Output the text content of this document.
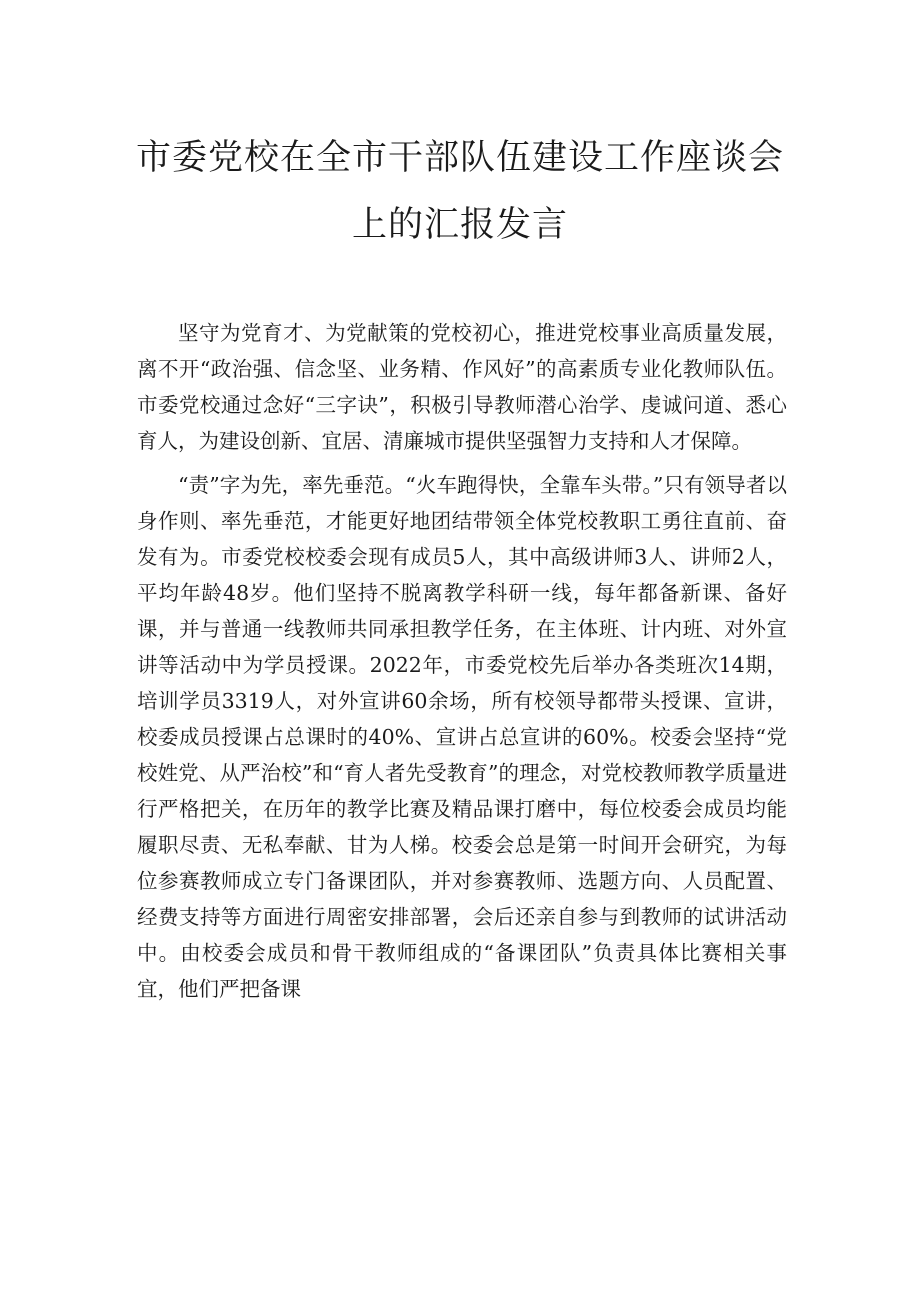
市委党校在全市干部队伍建设工作座谈会
上的汇报发言

坚守为党育才、为党献策的党校初心，推进党校事业高质量发展，离不开“政治强、信念坚、业务精、作风好”的高素质专业化教师队伍。市委党校通过念好“三字诀”，积极引导教师潜心治学、虔诚问道、悉心育人，为建设创新、宜居、清廉城市提供坚强智力支持和人才保障。

“责”字为先，率先垂范。“火车跑得快，全靠车头带。”只有领导者以身作则、率先垂范，才能更好地团结带领全体党校教职工勇往直前、奋发有为。市委党校校委会现有成员5人，其中高级讲师3人、讲师2人，平均年龄48岁。他们坚持不脱离教学科研一线，每年都备新课、备好课，并与普通一线教师共同承担教学任务，在主体班、计内班、对外宣讲等活动中为学员授课。2022年，市委党校先后举办各类班次14期，培训学员3319人，对外宣讲60余场，所有校领导都带头授课、宣讲，校委成员授课占总课时的40%、宣讲占总宣讲的60%。校委会坚持“党校姓党、从严治校”和“育人者先受教育”的理念，对党校教师教学质量进行严格把关，在历年的教学比赛及精品课打磨中，每位校委会成员均能履职尽责、无私奉献、甘为人梯。校委会总是第一时间开会研究，为每位参赛教师成立专门备课团队，并对参赛教师、选题方向、人员配置、经费支持等方面进行周密安排部署，会后还亲自参与到教师的试讲活动中。由校委会成员和骨干教师组成的“备课团队”负责具体比赛相关事宜，他们严把备课
